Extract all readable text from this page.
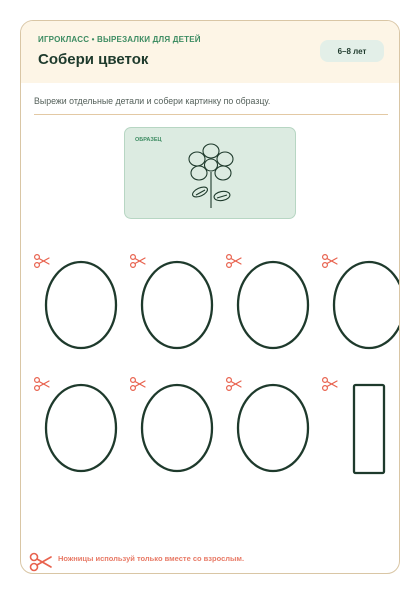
ИГРОКЛАСС • ВЫРЕЗАЛКИ ДЛЯ ДЕТЕЙ
Собери цветок	6–8 лет
Вырежи отдельные детали и собери картинку по образцу.
ОБРАЗЕЦ
Ножницы используй только вместе со взрослым.
